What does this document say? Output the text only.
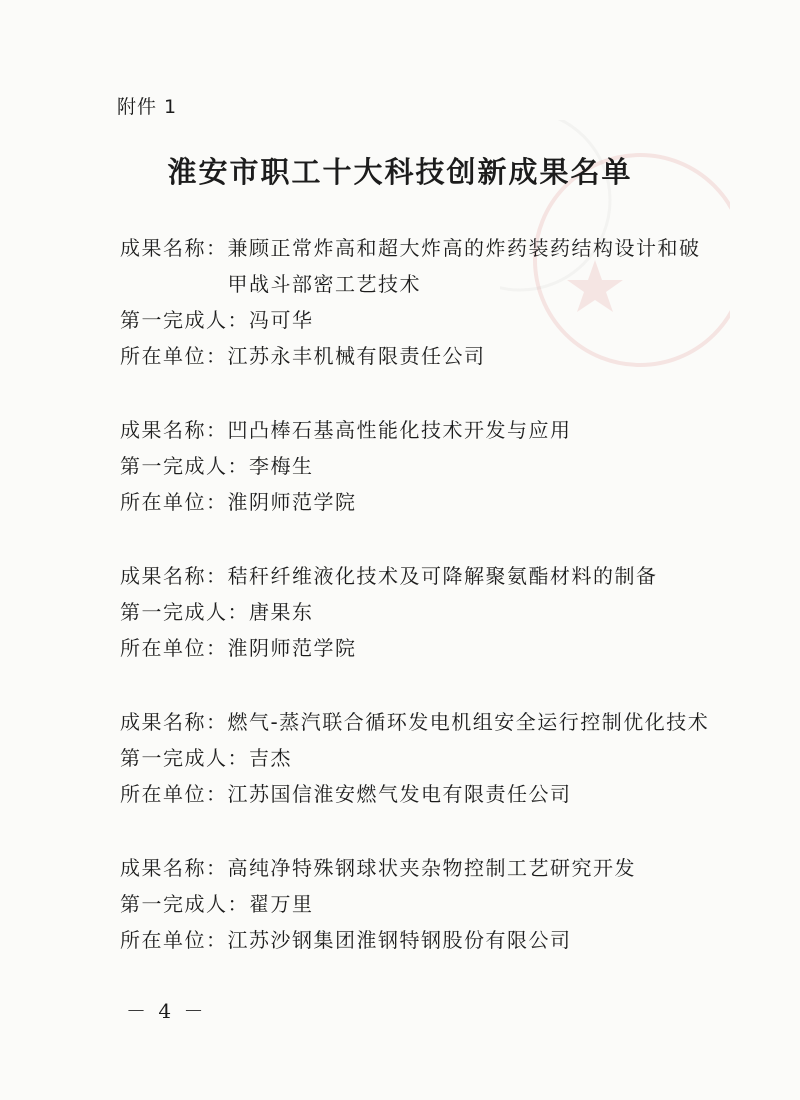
附件 1
淮安市职工十大科技创新成果名单
成果名称： 兼顾正常炸高和超大炸高的炸药装药结构设计和破
甲战斗部密工艺技术
第一完成人： 冯可华
所在单位： 江苏永丰机械有限责任公司
成果名称： 凹凸棒石基高性能化技术开发与应用
第一完成人： 李梅生
所在单位： 淮阴师范学院
成果名称： 秸秆纤维液化技术及可降解聚氨酯材料的制备
第一完成人： 唐果东
所在单位： 淮阴师范学院
成果名称： 燃气-蒸汽联合循环发电机组安全运行控制优化技术
第一完成人： 吉杰
所在单位： 江苏国信淮安燃气发电有限责任公司
成果名称： 高纯净特殊钢球状夹杂物控制工艺研究开发
第一完成人： 翟万里
所在单位： 江苏沙钢集团淮钢特钢股份有限公司
－ 4 －
